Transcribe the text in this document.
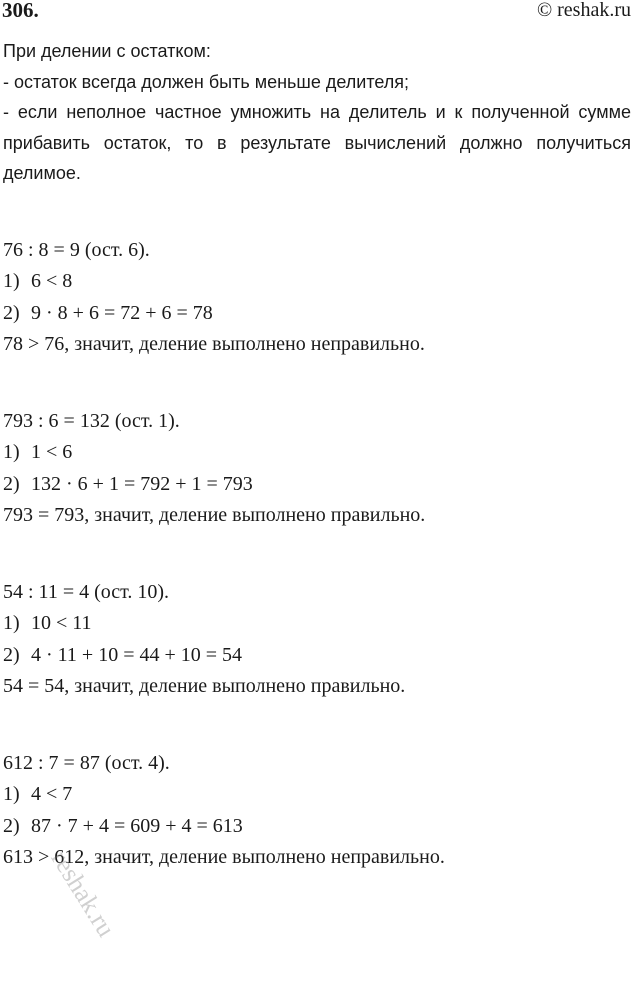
306.	© reshak.ru

При делении с остатком:

- остаток всегда должен быть меньше делителя;

- если неполное частное умножить на делитель и к полученной сумме прибавить остаток, то в результате вычислений должно получиться делимое.

76 : 8 = 9 (ост. 6).

1) 6 < 8

2) 9 · 8 + 6 = 72 + 6 = 78

78 > 76, значит, деление выполнено неправильно.

793 : 6 = 132 (ост. 1).

1) 1 < 6

2) 132 · 6 + 1 = 792 + 1 = 793

793 = 793, значит, деление выполнено правильно.

54 : 11 = 4 (ост. 10).

1) 10 < 11

2) 4 · 11 + 10 = 44 + 10 = 54

54 = 54, значит, деление выполнено правильно.

612 : 7 = 87 (ост. 4).

1) 4 < 7

2) 87 · 7 + 4 = 609 + 4 = 613

613 > 612, значит, деление выполнено неправильно.

reshak.ru
